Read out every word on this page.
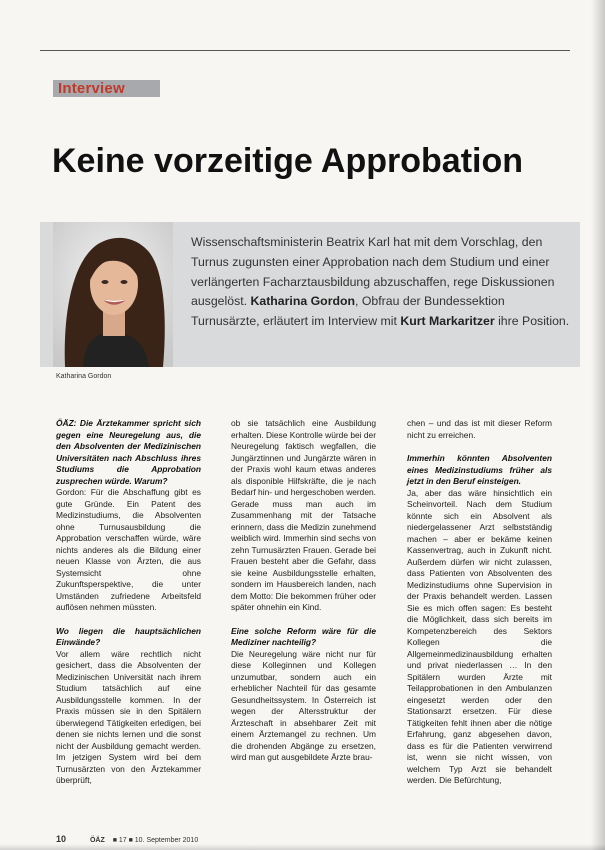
Interview
Keine vorzeitige Approbation
Wissenschaftsministerin Beatrix Karl hat mit dem Vorschlag, den Turnus zugunsten einer Approbation nach dem Studium und einer verlängerten Facharztausbildung abzuschaffen, rege Diskussionen ausgelöst. Katharina Gordon, Obfrau der Bundessektion Turnusärzte, erläutert im Interview mit Kurt Markaritzer ihre Position.
Katharina Gordon

ÖÄZ: Die Ärztekammer spricht sich gegen eine Neuregelung aus, die den Absolventen der Medizinischen Universitäten nach Abschluss ihres Studiums die Approbation zusprechen würde. Warum?

Gordon: Für die Abschaffung gibt es gute Gründe. Ein Patent des Medizinstudiums, die Absolventen ohne Turnusausbildung die Approbation verschaffen würde, wäre nichts anderes als die Bildung einer neuen Klasse von Ärzten, die aus Systemsicht ohne Zukunftsperspektive, die unter Umständen zufriedene Arbeitsfeld auflösen nehmen müssten.

Wo liegen die hauptsächlichen Einwände?

Vor allem wäre rechtlich nicht gesichert, dass die Absolventen der Medizinischen Universität nach ihrem Studium tatsächlich auf eine Ausbildungsstelle kommen. In der Praxis müssen sie in den Spitälern überwiegend Tätigkeiten erledigen, bei denen sie nichts lernen und die sonst nicht der Ausbildung gemacht werden. Im jetzigen System wird bei dem Turnusärzten von den Ärztekammer überprüft,

ob sie tatsächlich eine Ausbildung erhalten. Diese Kontrolle würde bei der Neuregelung faktisch wegfallen, die Jungärztinnen und Jungärzte wären in der Praxis wohl kaum etwas anderes als disponible Hilfskräfte, die je nach Bedarf hin- und hergeschoben werden. Gerade muss man auch im Zusammenhang mit der Tatsache erinnern, dass die Medizin zunehmend weiblich wird. Immerhin sind sechs von zehn Turnusärzten Frauen. Gerade bei Frauen besteht aber die Gefahr, dass sie keine Ausbildungsstelle erhalten, sondern im Hausbereich landen, nach dem Motto: Die bekommen früher oder später ohnehin ein Kind.

Eine solche Reform wäre für die Mediziner nachteilig?

Die Neuregelung wäre nicht nur für diese Kolleginnen und Kollegen unzumutbar, sondern auch ein erheblicher Nachteil für das gesamte Gesundheitssystem. In Österreich ist wegen der Altersstruktur der Ärzteschaft in absehbarer Zeit mit einem Ärztemangel zu rechnen. Um die drohenden Abgänge zu ersetzen, wird man gut ausgebildete Ärzte brau-

chen – und das ist mit dieser Reform nicht zu erreichen.

Immerhin könnten Absolventen eines Medizinstudiums früher als jetzt in den Beruf einsteigen.

Ja, aber das wäre hinsichtlich ein Scheinvorteil. Nach dem Studium könnte sich ein Absolvent als niedergelassener Arzt selbstständig machen – aber er bekäme keinen Kassenvertrag, auch in Zukunft nicht. Außerdem dürfen wir nicht zulassen, dass Patienten von Absolventen des Medizinstudiums ohne Supervision in der Praxis behandelt werden. Lassen Sie es mich offen sagen: Es besteht die Möglichkeit, dass sich bereits im Kompetenzbereich des Sektors Kollegen die Allgemeinmedizinausbildung erhalten und privat niederlassen … In den Spitälern wurden Ärzte mit Teilapprobationen in den Ambulanzen eingesetzt werden oder den Stationsarzt ersetzen. Für diese Tätigkeiten fehlt ihnen aber die nötige Erfahrung, ganz abgesehen davon, dass es für die Patienten verwirrend ist, wenn sie nicht wissen, von welchem Typ Arzt sie behandelt werden. Die Befürchtung,

10	ÖÄZ ■ 17 ■ 10. September 2010
